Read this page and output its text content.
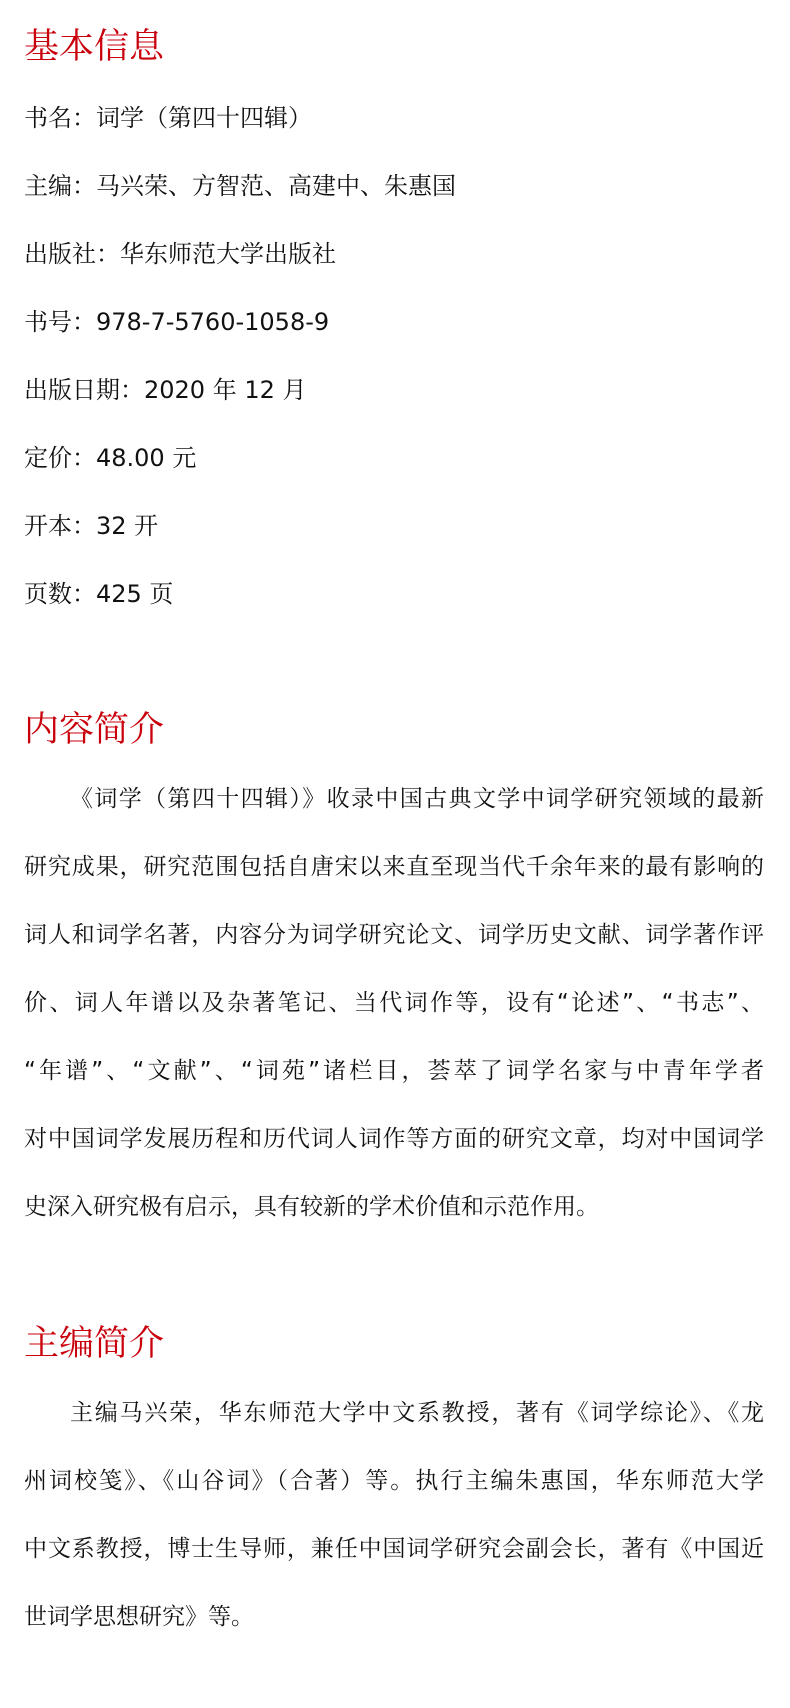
基本信息
书名：词学（第四十四辑）
主编：马兴荣、方智范、高建中、朱惠国
出版社：华东师范大学出版社
书号：978-7-5760-1058-9
出版日期：2020 年 12 月
定价：48.00 元
开本：32 开
页数：425 页
内容简介
《词学（第四十四辑）》收录中国古典文学中词学研究领域的最新
研究成果，研究范围包括自唐宋以来直至现当代千余年来的最有影响的
词人和词学名著，内容分为词学研究论文、词学历史文献、词学著作评
价、词人年谱以及杂著笔记、当代词作等，设有“论述”、“书志”、
“年谱”、“文献”、“词苑”诸栏目，荟萃了词学名家与中青年学者
对中国词学发展历程和历代词人词作等方面的研究文章，均对中国词学
史深入研究极有启示，具有较新的学术价值和示范作用。
主编简介
主编马兴荣，华东师范大学中文系教授，著有《词学综论》、《龙
州词校笺》、《山谷词》（合著）等。执行主编朱惠国，华东师范大学
中文系教授，博士生导师，兼任中国词学研究会副会长，著有《中国近
世词学思想研究》等。
